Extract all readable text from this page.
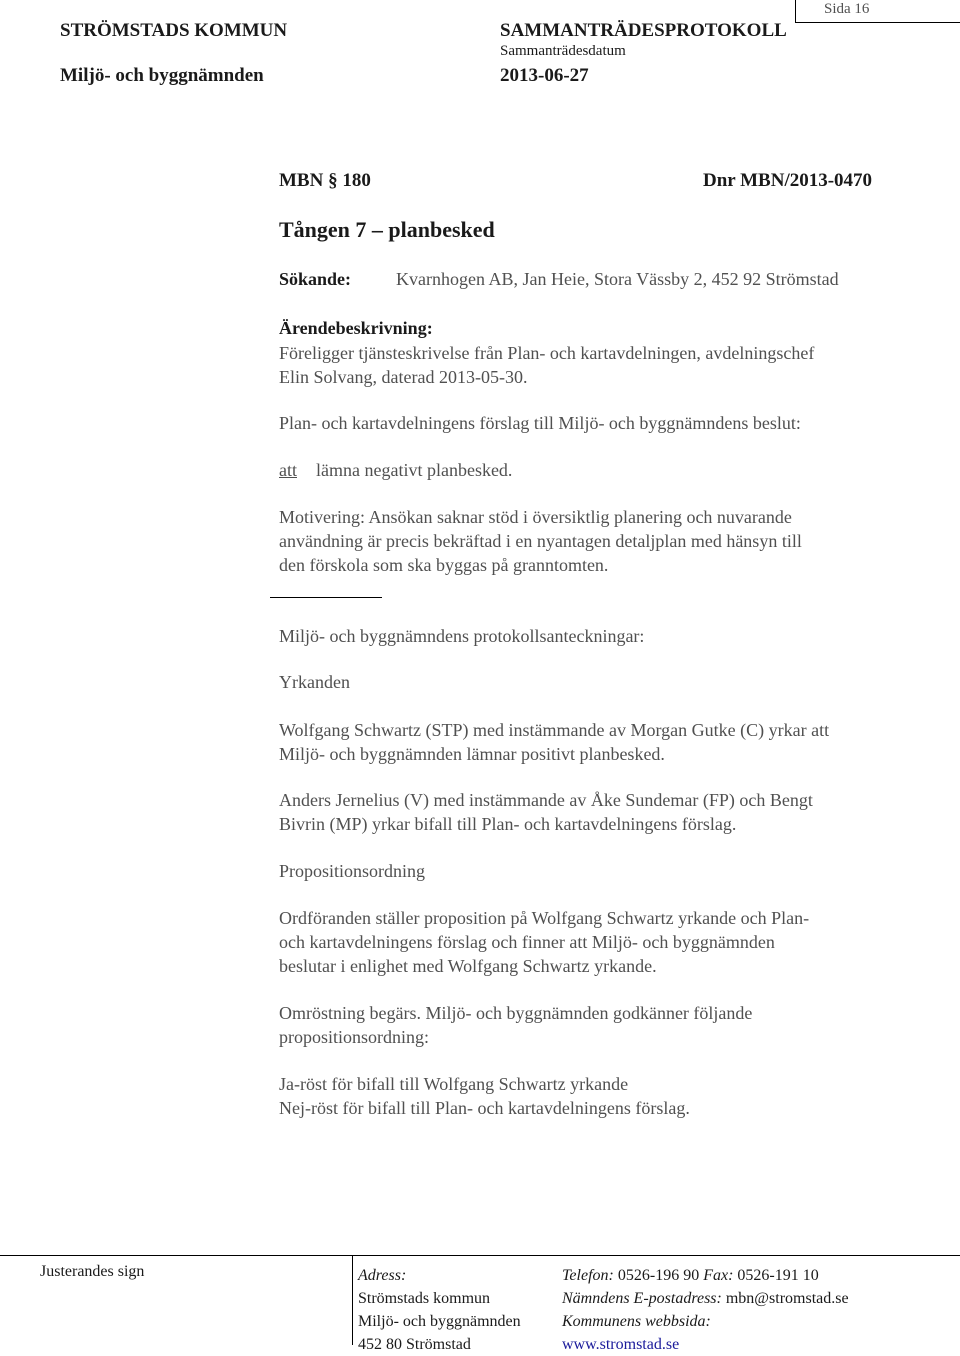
STRÖMSTADS KOMMUN
Miljö- och byggnämnden
SAMMANTRÄDESPROTOKOLL
Sammanträdesdatum
2013-06-27
Sida 16
MBN § 180	Dnr MBN/2013-0470
Tången 7 – planbesked
Sökande: Kvarnhogen AB, Jan Heie, Stora Vässby 2, 452 92 Strömstad
Ärendebeskrivning:
Föreligger tjänsteskrivelse från Plan- och kartavdelningen, avdelningschef
Elin Solvang, daterad 2013-05-30.
Plan- och kartavdelningens förslag till Miljö- och byggnämndens beslut:
att lämna negativt planbesked.
Motivering: Ansökan saknar stöd i översiktlig planering och nuvarande
användning är precis bekräftad i en nyantagen detaljplan med hänsyn till
den förskola som ska byggas på granntomten.
Miljö- och byggnämndens protokollsanteckningar:
Yrkanden
Wolfgang Schwartz (STP) med instämmande av Morgan Gutke (C) yrkar att
Miljö- och byggnämnden lämnar positivt planbesked.
Anders Jernelius (V) med instämmande av Åke Sundemar (FP) och Bengt
Bivrin (MP) yrkar bifall till Plan- och kartavdelningens förslag.
Propositionsordning
Ordföranden ställer proposition på Wolfgang Schwartz yrkande och Plan-
och kartavdelningens förslag och finner att Miljö- och byggnämnden
beslutar i enlighet med Wolfgang Schwartz yrkande.
Omröstning begärs. Miljö- och byggnämnden godkänner följande
propositionsordning:
Ja-röst för bifall till Wolfgang Schwartz yrkande
Nej-röst för bifall till Plan- och kartavdelningens förslag.
Justerandes sign	Adress:
Strömstads kommun
Miljö- och byggnämnden
452 80 Strömstad
Telefon: 0526-196 90 Fax: 0526-191 10
Nämndens E-postadress: mbn@stromstad.se
Kommunens webbsida:
www.stromstad.se
